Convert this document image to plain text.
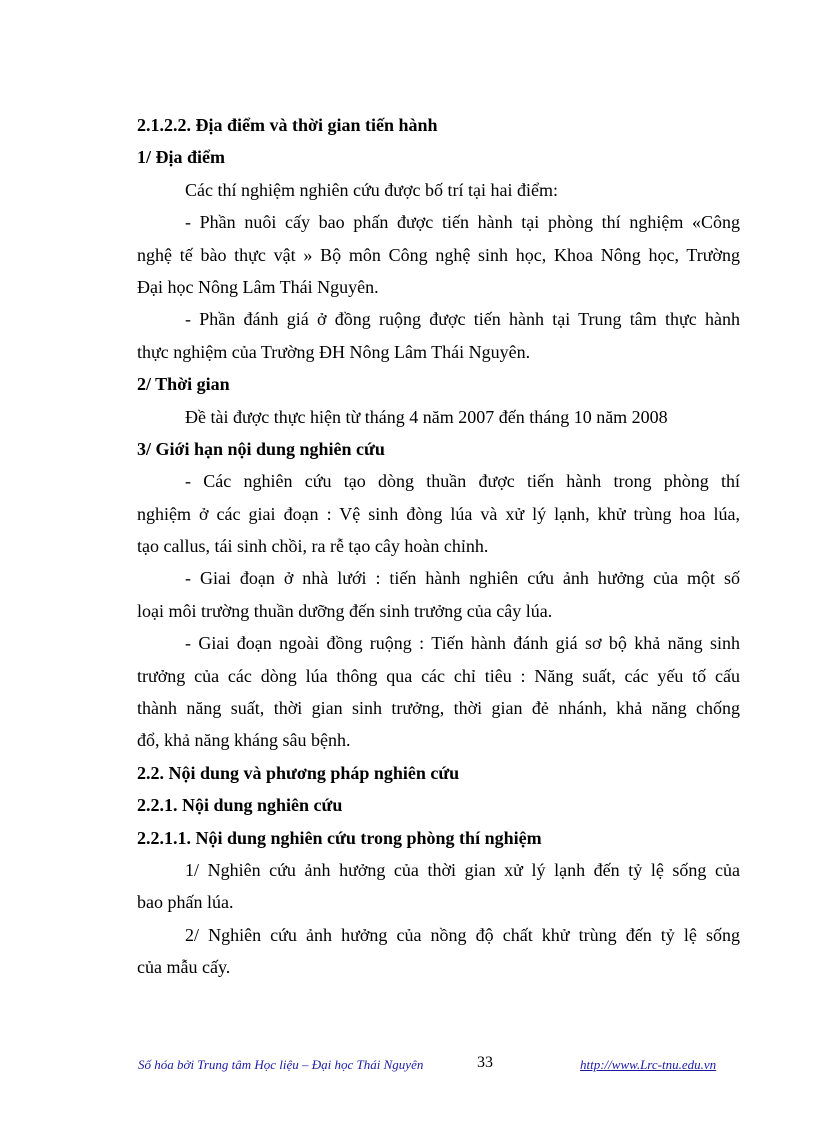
2.1.2.2. Địa điểm và thời gian tiến hành
1/ Địa điểm
Các thí nghiệm nghiên cứu được bố trí tại hai điểm:
- Phần nuôi cấy bao phấn được tiến hành tại phòng thí nghiệm «Công
nghệ tế bào thực vật » Bộ môn Công nghệ sinh học, Khoa Nông học, Trường
Đại học Nông Lâm Thái Nguyên.
- Phần đánh giá ở đồng ruộng được tiến hành tại Trung tâm thực hành
thực nghiệm của Trường ĐH Nông Lâm Thái Nguyên.
2/ Thời gian
Đề tài được thực hiện từ tháng 4 năm 2007 đến tháng 10 năm 2008
3/ Giới hạn nội dung nghiên cứu
- Các nghiên cứu tạo dòng thuần được tiến hành trong phòng thí
nghiệm ở các giai đoạn : Vệ sinh đòng lúa và xử lý lạnh, khử trùng hoa lúa,
tạo callus, tái sinh chồi, ra rễ tạo cây hoàn chỉnh.
- Giai đoạn ở nhà lưới : tiến hành nghiên cứu ảnh hưởng của một số
loại môi trường thuần dưỡng đến sinh trưởng của cây lúa.
- Giai đoạn ngoài đồng ruộng : Tiến hành đánh giá sơ bộ khả năng sinh
trưởng của các dòng lúa thông qua các chỉ tiêu : Năng suất, các yếu tố cấu
thành năng suất, thời gian sinh trưởng, thời gian đẻ nhánh, khả năng chống
đổ, khả năng kháng sâu bệnh.
2.2. Nội dung và phương pháp nghiên cứu
2.2.1. Nội dung nghiên cứu
2.2.1.1. Nội dung nghiên cứu trong phòng thí nghiệm
1/ Nghiên cứu ảnh hưởng của thời gian xử lý lạnh đến tỷ lệ sống của
bao phấn lúa.
2/ Nghiên cứu ảnh hưởng của nồng độ chất khử trùng đến tỷ lệ sống
của mẫu cấy.
Số hóa bởi Trung tâm Học liệu – Đại học Thái Nguyên	33	http://www.Lrc-tnu.edu.vn
